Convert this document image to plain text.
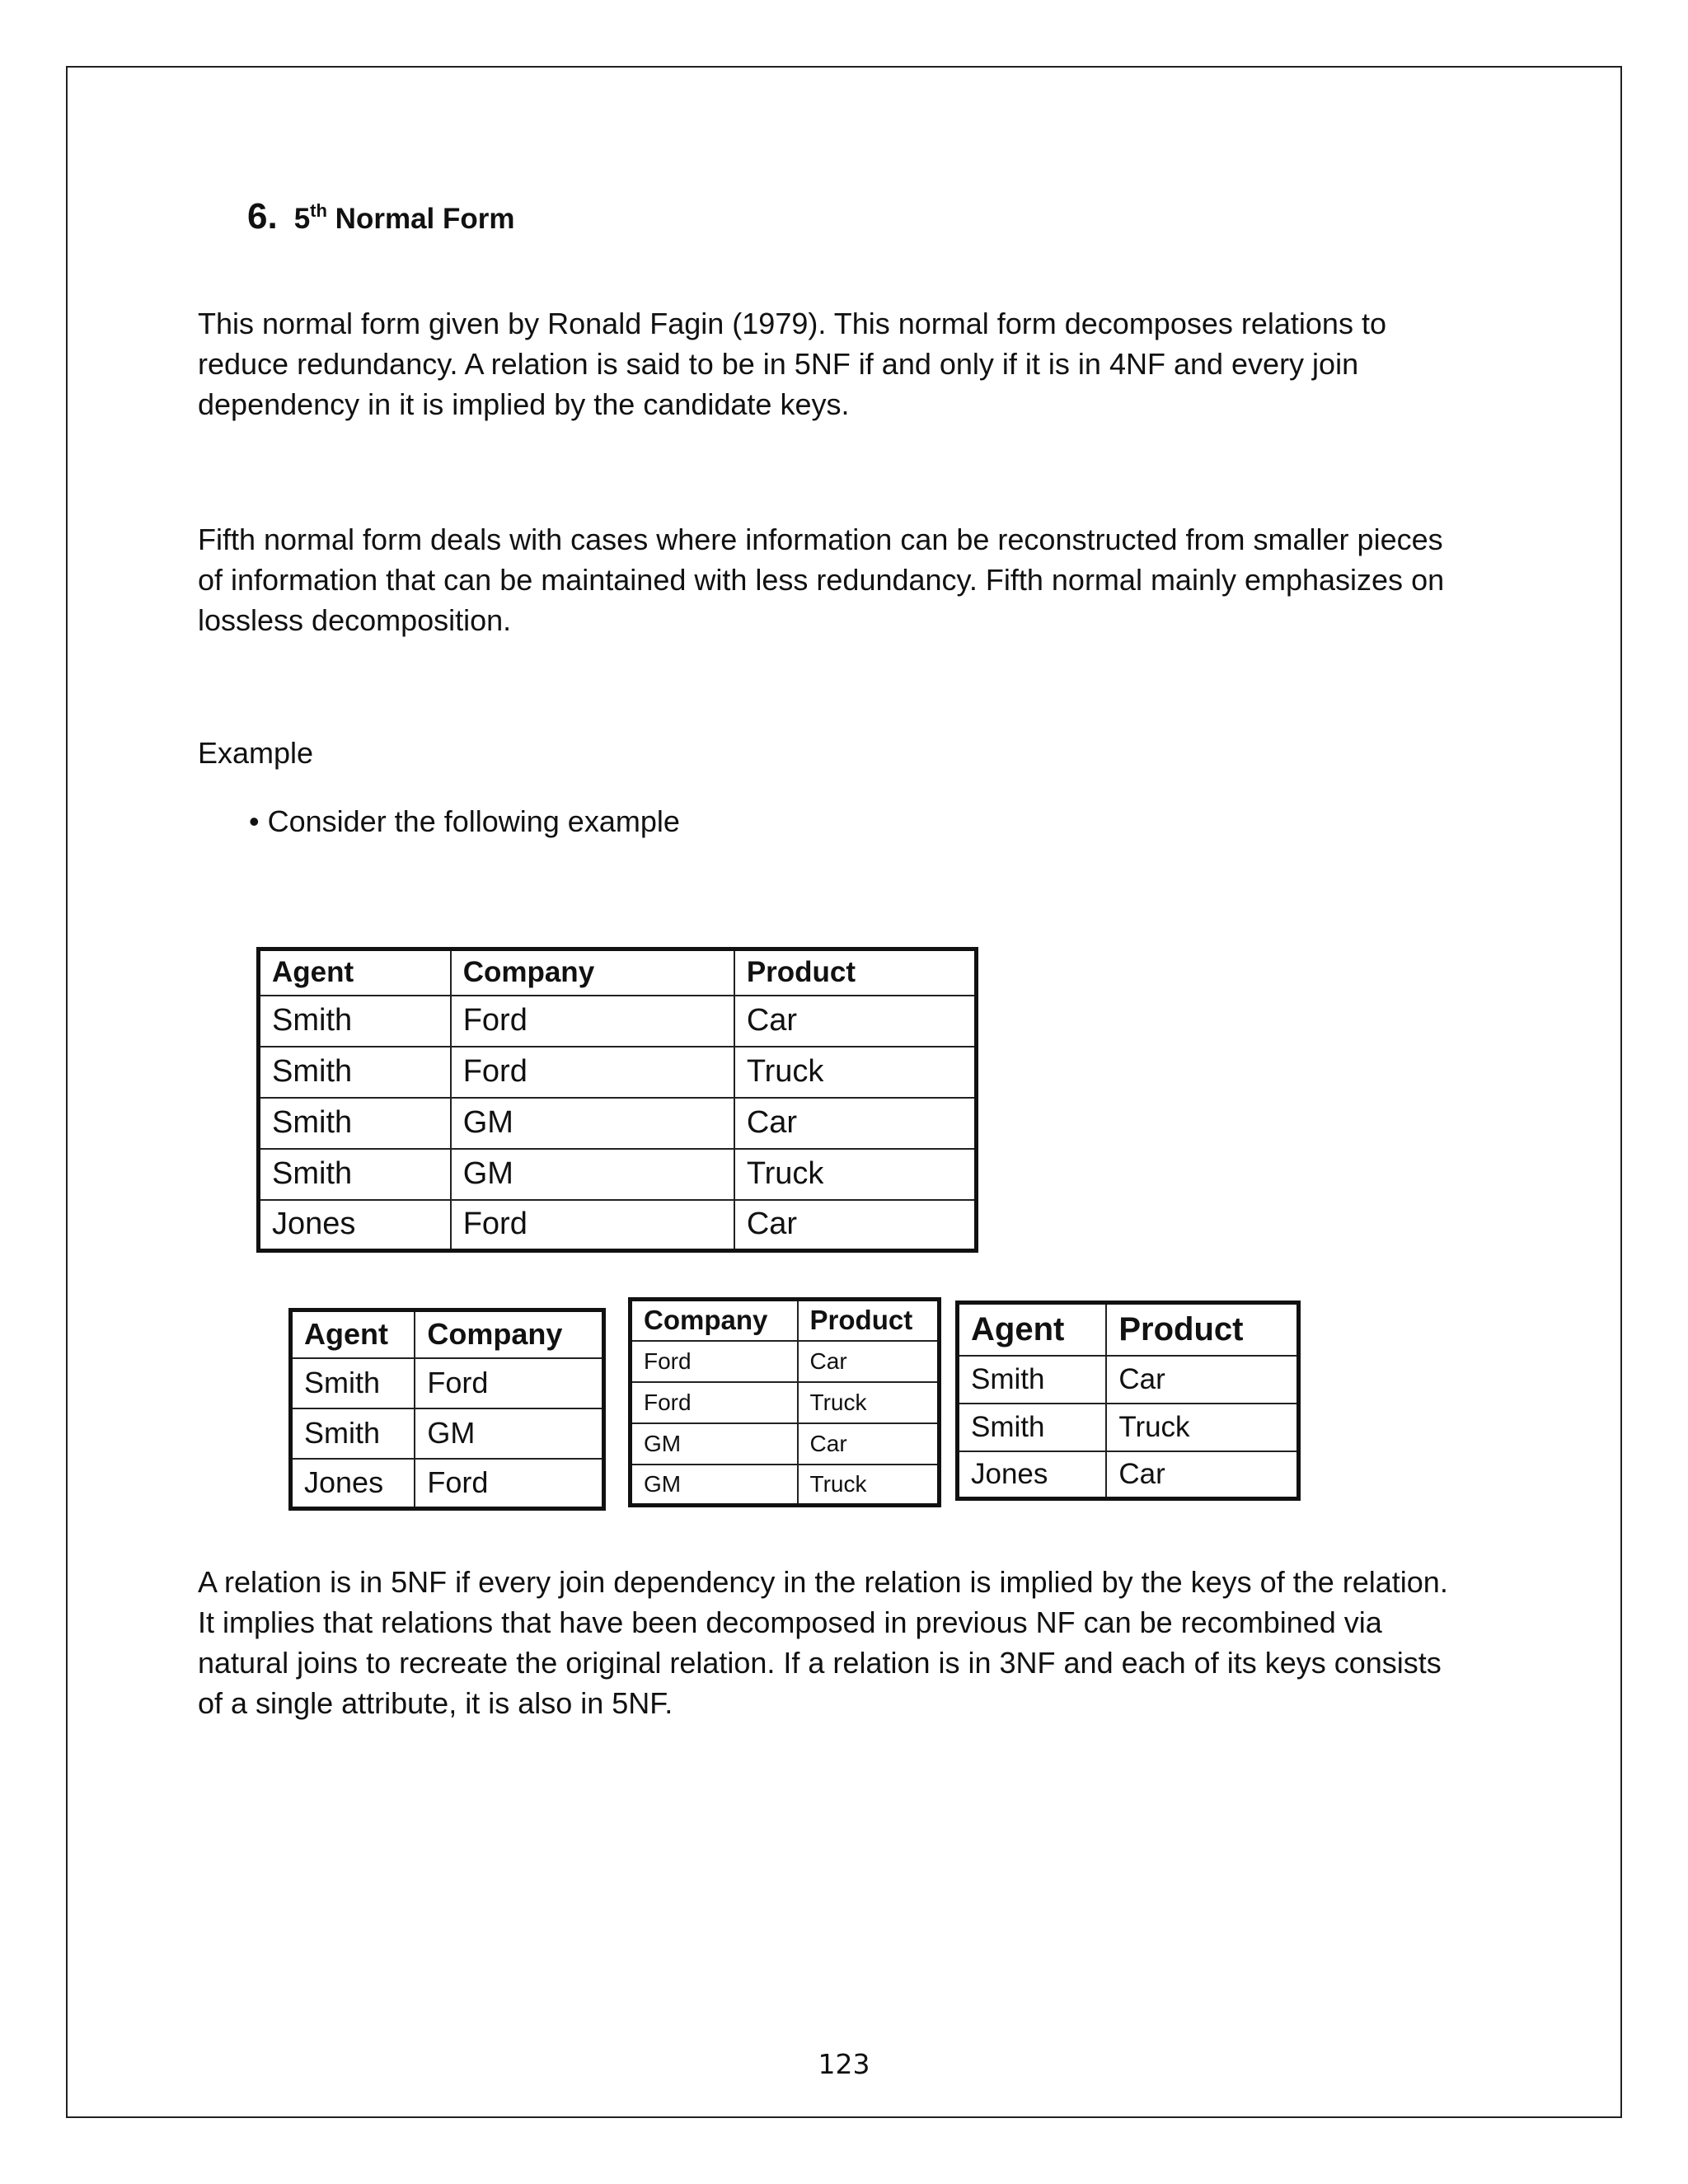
6. 5th Normal Form

This normal form given by Ronald Fagin (1979). This normal form decomposes relations to
reduce redundancy. A relation is said to be in 5NF if and only if it is in 4NF and every join
dependency in it is implied by the candidate keys.

Fifth normal form deals with cases where information can be reconstructed from smaller pieces
of information that can be maintained with less redundancy. Fifth normal mainly emphasizes on
lossless decomposition.

Example

• Consider the following example

Agent	Company	Product
Smith	Ford	Car
Smith	Ford	Truck
Smith	GM	Car
Smith	GM	Truck
Jones	Ford	Car
Agent	Company
Smith	Ford
Smith	GM
Jones	Ford
Company	Product
Ford	Car
Ford	Truck
GM	Car
GM	Truck
Agent	Product
Smith	Car
Smith	Truck
Jones	Car

A relation is in 5NF if every join dependency in the relation is implied by the keys of the relation.
It implies that relations that have been decomposed in previous NF can be recombined via
natural joins to recreate the original relation. If a relation is in 3NF and each of its keys consists
of a single attribute, it is also in 5NF.

123
